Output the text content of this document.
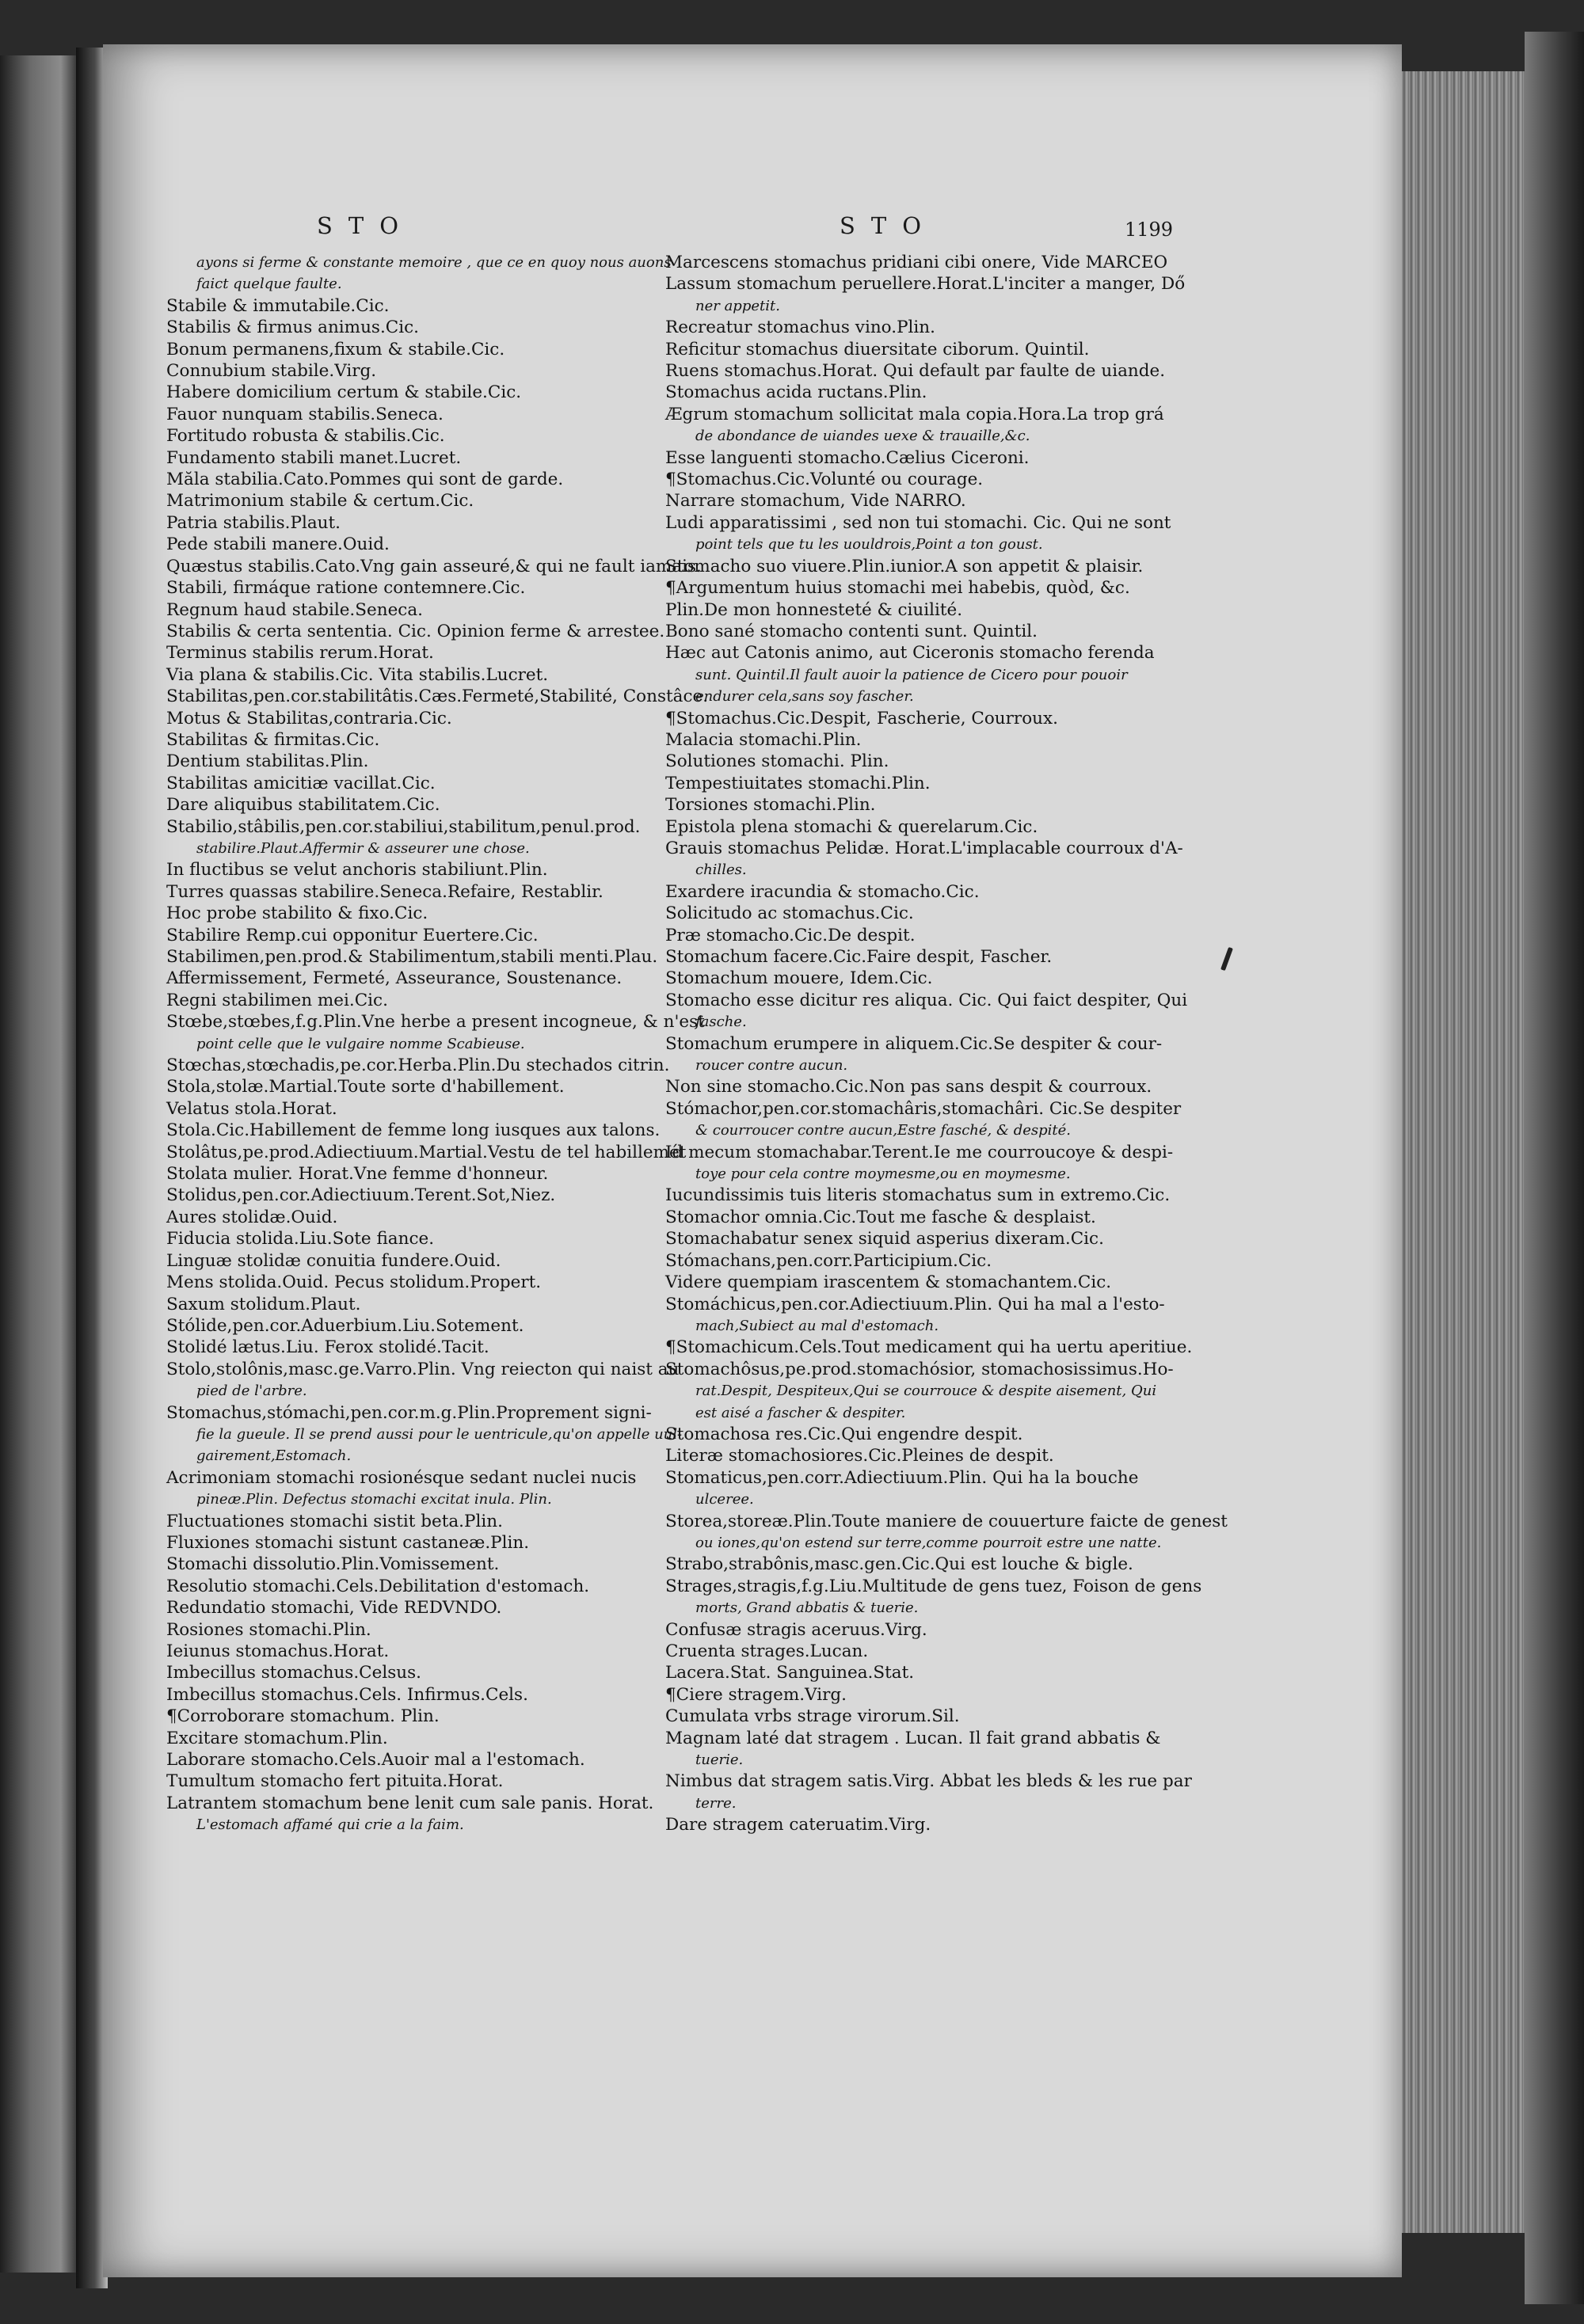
STO	STO	1199
ayons si ferme & constante memoire , que ce en quoy nous auons
faict quelque faulte.
Stabile & immutabile.Cic.
Stabilis & firmus animus.Cic.
Bonum permanens,fixum & stabile.Cic.
Connubium stabile.Virg.
Habere domicilium certum & stabile.Cic.
Fauor nunquam stabilis.Seneca.
Fortitudo robusta & stabilis.Cic.
Fundamento stabili manet.Lucret.
Măla stabilia.Cato.Pommes qui sont de garde.
Matrimonium stabile & certum.Cic.
Patria stabilis.Plaut.
Pede stabili manere.Ouid.
Quæstus stabilis.Cato.Vng gain asseuré,& qui ne fault iamais.
Stabili, firmáque ratione contemnere.Cic.
Regnum haud stabile.Seneca.
Stabilis & certa sententia. Cic. Opinion ferme & arrestee.
Terminus stabilis rerum.Horat.
Via plana & stabilis.Cic. Vita stabilis.Lucret.
Stabilitas,pen.cor.stabilitâtis.Cæs.Fermeté,Stabilité, Constâce.
Motus & Stabilitas,contraria.Cic.
Stabilitas & firmitas.Cic.
Dentium stabilitas.Plin.
Stabilitas amicitiæ vacillat.Cic.
Dare aliquibus stabilitatem.Cic.
Stabilio,stâbilis,pen.cor.stabiliui,stabilitum,penul.prod.
stabilire.Plaut.Affermir & asseurer une chose.
In fluctibus se velut anchoris stabiliunt.Plin.
Turres quassas stabilire.Seneca.Refaire, Restablir.
Hoc probe stabilito & fixo.Cic.
Stabilire Remp.cui opponitur Euertere.Cic.
Stabilimen,pen.prod.& Stabilimentum,stabili menti.Plau.
Affermissement, Fermeté, Asseurance, Soustenance.
Regni stabilimen mei.Cic.
Stœbe,stœbes,f.g.Plin.Vne herbe a present incogneue, & n'est
point celle que le vulgaire nomme Scabieuse.
Stœchas,stœchadis,pe.cor.Herba.Plin.Du stechados citrin.
Stola,stolæ.Martial.Toute sorte d'habillement.
Velatus stola.Horat.
Stola.Cic.Habillement de femme long iusques aux talons.
Stolâtus,pe.prod.Adiectiuum.Martial.Vestu de tel habillemét
Stolata mulier. Horat.Vne femme d'honneur.
Stolidus,pen.cor.Adiectiuum.Terent.Sot,Niez.
Aures stolidæ.Ouid.
Fiducia stolida.Liu.Sote fiance.
Linguæ stolidæ conuitia fundere.Ouid.
Mens stolida.Ouid. Pecus stolidum.Propert.
Saxum stolidum.Plaut.
Stólide,pen.cor.Aduerbium.Liu.Sotement.
Stolidé lætus.Liu. Ferox stolidé.Tacit.
Stolo,stolônis,masc.ge.Varro.Plin. Vng reiecton qui naist au
pied de l'arbre.
Stomachus,stómachi,pen.cor.m.g.Plin.Proprement signi-
fie la gueule. Il se prend aussi pour le uentricule,qu'on appelle uul-
gairement,Estomach.
Acrimoniam stomachi rosionésque sedant nuclei nucis
pineæ.Plin. Defectus stomachi excitat inula. Plin.
Fluctuationes stomachi sistit beta.Plin.
Fluxiones stomachi sistunt castaneæ.Plin.
Stomachi dissolutio.Plin.Vomissement.
Resolutio stomachi.Cels.Debilitation d'estomach.
Redundatio stomachi, Vide REDVNDO.
Rosiones stomachi.Plin.
Ieiunus stomachus.Horat.
Imbecillus stomachus.Celsus.
Imbecillus stomachus.Cels. Infirmus.Cels.
¶Corroborare stomachum. Plin.
Excitare stomachum.Plin.
Laborare stomacho.Cels.Auoir mal a l'estomach.
Tumultum stomacho fert pituita.Horat.
Latrantem stomachum bene lenit cum sale panis. Horat.
L'estomach affamé qui crie a la faim.
Marcescens stomachus pridiani cibi onere, Vide MARCEO
Lassum stomachum peruellere.Horat.L'inciter a manger, Dő
ner appetit.
Recreatur stomachus vino.Plin.
Reficitur stomachus diuersitate ciborum. Quintil.
Ruens stomachus.Horat. Qui default par faulte de uiande.
Stomachus acida ructans.Plin.
Ægrum stomachum sollicitat mala copia.Hora.La trop grá
de abondance de uiandes uexe & trauaille,&c.
Esse languenti stomacho.Cælius Ciceroni.
¶Stomachus.Cic.Volunté ou courage.
Narrare stomachum, Vide NARRO.
Ludi apparatissimi , sed non tui stomachi. Cic. Qui ne sont
point tels que tu les uouldrois,Point a ton goust.
Stomacho suo viuere.Plin.iunior.A son appetit & plaisir.
¶Argumentum huius stomachi mei habebis, quòd, &c.
Plin.De mon honnesteté & ciuilité.
Bono sané stomacho contenti sunt. Quintil.
Hæc aut Catonis animo, aut Ciceronis stomacho ferenda
sunt. Quintil.Il fault auoir la patience de Cicero pour pouoir
endurer cela,sans soy fascher.
¶Stomachus.Cic.Despit, Fascherie, Courroux.
Malacia stomachi.Plin.
Solutiones stomachi. Plin.
Tempestiuitates stomachi.Plin.
Torsiones stomachi.Plin.
Epistola plena stomachi & querelarum.Cic.
Grauis stomachus Pelidæ. Horat.L'implacable courroux d'A-
chilles.
Exardere iracundia & stomacho.Cic.
Solicitudo ac stomachus.Cic.
Præ stomacho.Cic.De despit.
Stomachum facere.Cic.Faire despit, Fascher.
Stomachum mouere, Idem.Cic.
Stomacho esse dicitur res aliqua. Cic. Qui faict despiter, Qui
fasche.
Stomachum erumpere in aliquem.Cic.Se despiter & cour-
roucer contre aucun.
Non sine stomacho.Cic.Non pas sans despit & courroux.
Stómachor,pen.cor.stomachâris,stomachâri. Cic.Se despiter
& courroucer contre aucun,Estre fasché, & despité.
Id mecum stomachabar.Terent.Ie me courroucoye & despi-
toye pour cela contre moymesme,ou en moymesme.
Iucundissimis tuis literis stomachatus sum in extremo.Cic.
Stomachor omnia.Cic.Tout me fasche & desplaist.
Stomachabatur senex siquid asperius dixeram.Cic.
Stómachans,pen.corr.Participium.Cic.
Videre quempiam irascentem & stomachantem.Cic.
Stomáchicus,pen.cor.Adiectiuum.Plin. Qui ha mal a l'esto-
mach,Subiect au mal d'estomach.
¶Stomachicum.Cels.Tout medicament qui ha uertu aperitiue.
Stomachôsus,pe.prod.stomachósior, stomachosissimus.Ho-
rat.Despit, Despiteux,Qui se courrouce & despite aisement, Qui
est aisé a fascher & despiter.
Stomachosa res.Cic.Qui engendre despit.
Literæ stomachosiores.Cic.Pleines de despit.
Stomaticus,pen.corr.Adiectiuum.Plin. Qui ha la bouche
ulceree.
Storea,storeæ.Plin.Toute maniere de couuerture faicte de genest
ou iones,qu'on estend sur terre,comme pourroit estre une natte.
Strabo,strabônis,masc.gen.Cic.Qui est louche & bigle.
Strages,stragis,f.g.Liu.Multitude de gens tuez, Foison de gens
morts, Grand abbatis & tuerie.
Confusæ stragis aceruus.Virg.
Cruenta strages.Lucan.
Lacera.Stat. Sanguinea.Stat.
¶Ciere stragem.Virg.
Cumulata vrbs strage virorum.Sil.
Magnam laté dat stragem . Lucan. Il fait grand abbatis &
tuerie.
Nimbus dat stragem satis.Virg. Abbat les bleds & les rue par
terre.
Dare stragem cateruatim.Virg.
